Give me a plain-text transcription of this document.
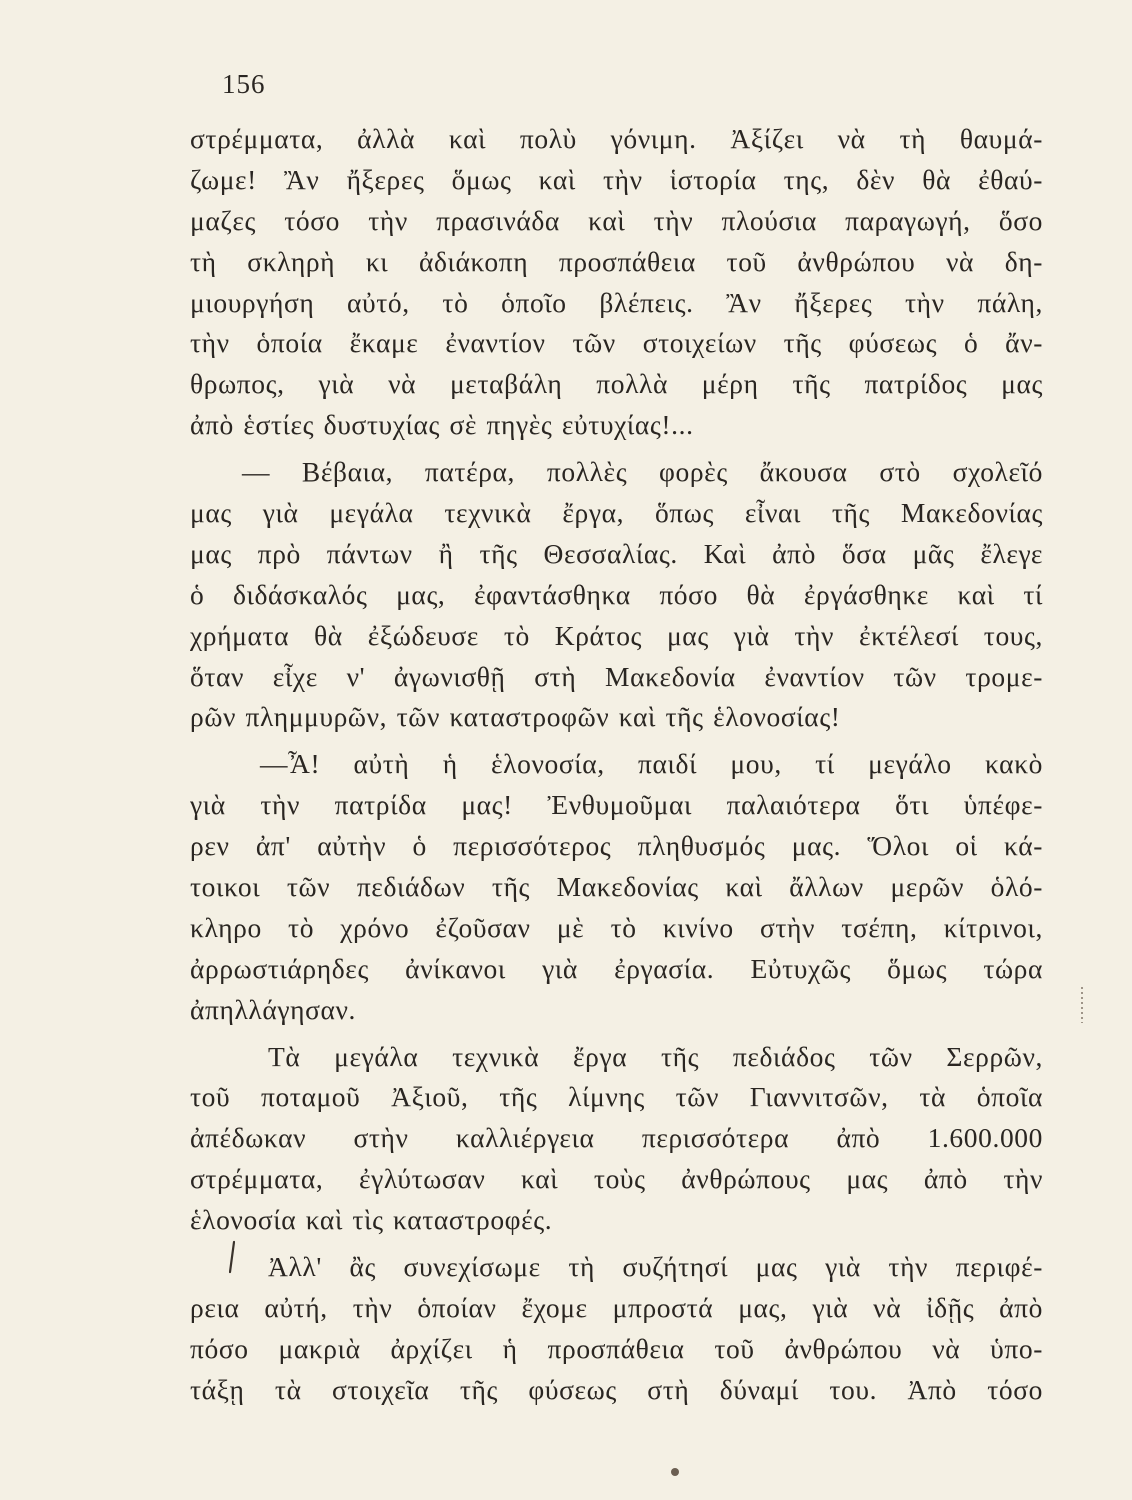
156
στρέμματα, ἀλλὰ καὶ πολὺ γόνιμη. Ἀξίζει νὰ τὴ θαυμά-
ζωμε! Ἂν ἤξερες ὅμως καὶ τὴν ἱστορία της, δὲν θὰ ἐθαύ-
μαζες τόσο τὴν πρασινάδα καὶ τὴν πλούσια παραγωγή, ὅσο
τὴ σκληρὴ κι ἀδιάκοπη προσπάθεια τοῦ ἀνθρώπου νὰ δη-
μιουργήση αὐτό, τὸ ὁποῖο βλέπεις. Ἂν ἤξερες τὴν πάλη,
τὴν ὁποία ἔκαμε ἐναντίον τῶν στοιχείων τῆς φύσεως ὁ ἄν-
θρωπος, γιὰ νὰ μεταβάλη πολλὰ μέρη τῆς πατρίδος μας
ἀπὸ ἑστίες δυστυχίας σὲ πηγὲς εὐτυχίας!...
— Βέβαια, πατέρα, πολλὲς φορὲς ἄκουσα στὸ σχολεῖό
μας γιὰ μεγάλα τεχνικὰ ἔργα, ὅπως εἶναι τῆς Μακεδονίας
μας πρὸ πάντων ἢ τῆς Θεσσαλίας. Καὶ ἀπὸ ὅσα μᾶς ἔλεγε
ὁ διδάσκαλός μας, ἐφαντάσθηκα πόσο θὰ ἐργάσθηκε καὶ τί
χρήματα θὰ ἐξώδευσε τὸ Κράτος μας γιὰ τὴν ἐκτέλεσί τους,
ὅταν εἶχε ν' ἀγωνισθῇ στὴ Μακεδονία ἐναντίον τῶν τρομε-
ρῶν πλημμυρῶν, τῶν καταστροφῶν καὶ τῆς ἑλονοσίας!
—Ἆ! αὐτὴ ἡ ἑλονοσία, παιδί μου, τί μεγάλο κακὸ
γιὰ τὴν πατρίδα μας! Ἐνθυμοῦμαι παλαιότερα ὅτι ὑπέφε-
ρεν ἀπ' αὐτὴν ὁ περισσότερος πληθυσμός μας. Ὅλοι οἱ κά-
τοικοι τῶν πεδιάδων τῆς Μακεδονίας καὶ ἄλλων μερῶν ὁλό-
κληρο τὸ χρόνο ἐζοῦσαν μὲ τὸ κινίνο στὴν τσέπη, κίτρινοι,
ἀρρωστιάρηδες ἀνίκανοι γιὰ ἐργασία. Εὐτυχῶς ὅμως τώρα
ἀπηλλάγησαν.
Τὰ μεγάλα τεχνικὰ ἔργα τῆς πεδιάδος τῶν Σερρῶν,
τοῦ ποταμοῦ Ἀξιοῦ, τῆς λίμνης τῶν Γιαννιτσῶν, τὰ ὁποῖα
ἀπέδωκαν στὴν καλλιέργεια περισσότερα ἀπὸ 1.600.000
στρέμματα, ἐγλύτωσαν καὶ τοὺς ἀνθρώπους μας ἀπὸ τὴν
ἑλονοσία καὶ τὶς καταστροφές.
Ἀλλ' ἂς συνεχίσωμε τὴ συζήτησί μας γιὰ τὴν περιφέ-
ρεια αὐτή, τὴν ὁποίαν ἔχομε μπροστά μας, γιὰ νὰ ἰδῇς ἀπὸ
πόσο μακριὰ ἀρχίζει ἡ προσπάθεια τοῦ ἀνθρώπου νὰ ὑπο-
τάξῃ τὰ στοιχεῖα τῆς φύσεως στὴ δύναμί του. Ἀπὸ τόσο
